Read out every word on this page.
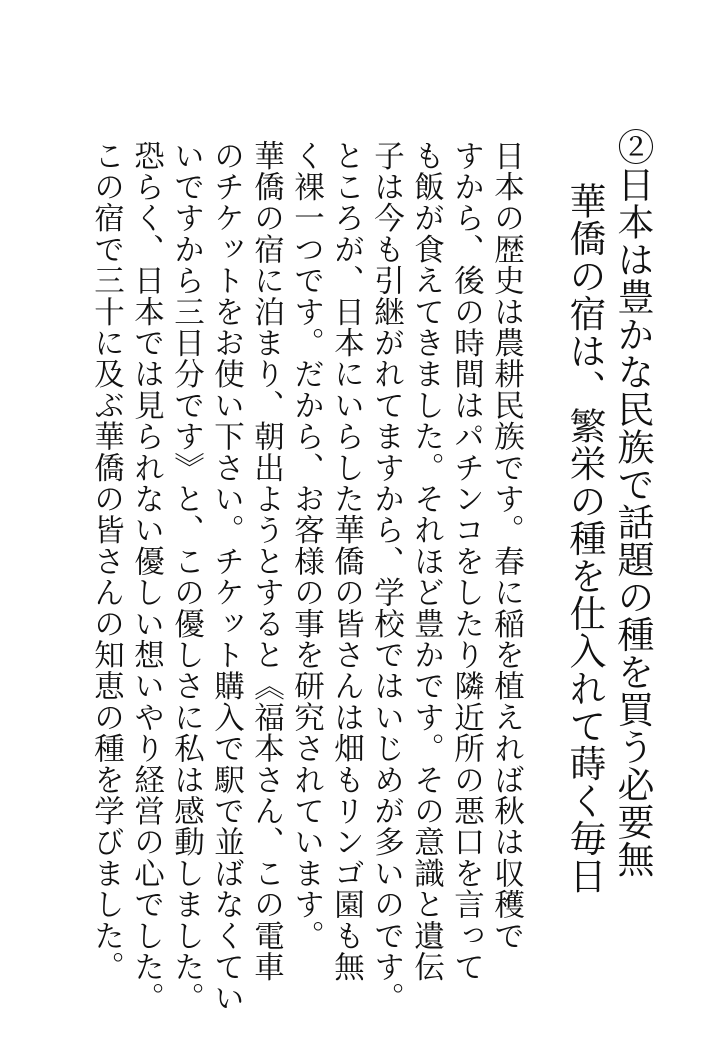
②日本は豊かな民族で話題の種を買う必要無
華僑の宿は、繁栄の種を仕入れて蒔く毎日
日本の歴史は農耕民族です。春に稲を植えれば秋は収穫で
すから、後の時間はパチンコをしたり隣近所の悪口を言って
も飯が食えてきました。それほど豊かです。その意識と遺伝
子は今も引継がれてますから、学校ではいじめが多いのです。
ところが、日本にいらした華僑の皆さんは畑もリンゴ園も無
く裸一つです。だから、お客様の事を研究されています。
華僑の宿に泊まり、朝出ようとすると《福本さん、この電車
のチケットをお使い下さい。チケット購入で駅で並ばなくてい
いですから三日分です》と、この優しさに私は感動しました。
恐らく、日本では見られない優しい想いやり経営の心でした。
この宿で三十に及ぶ華僑の皆さんの知恵の種を学びました。
